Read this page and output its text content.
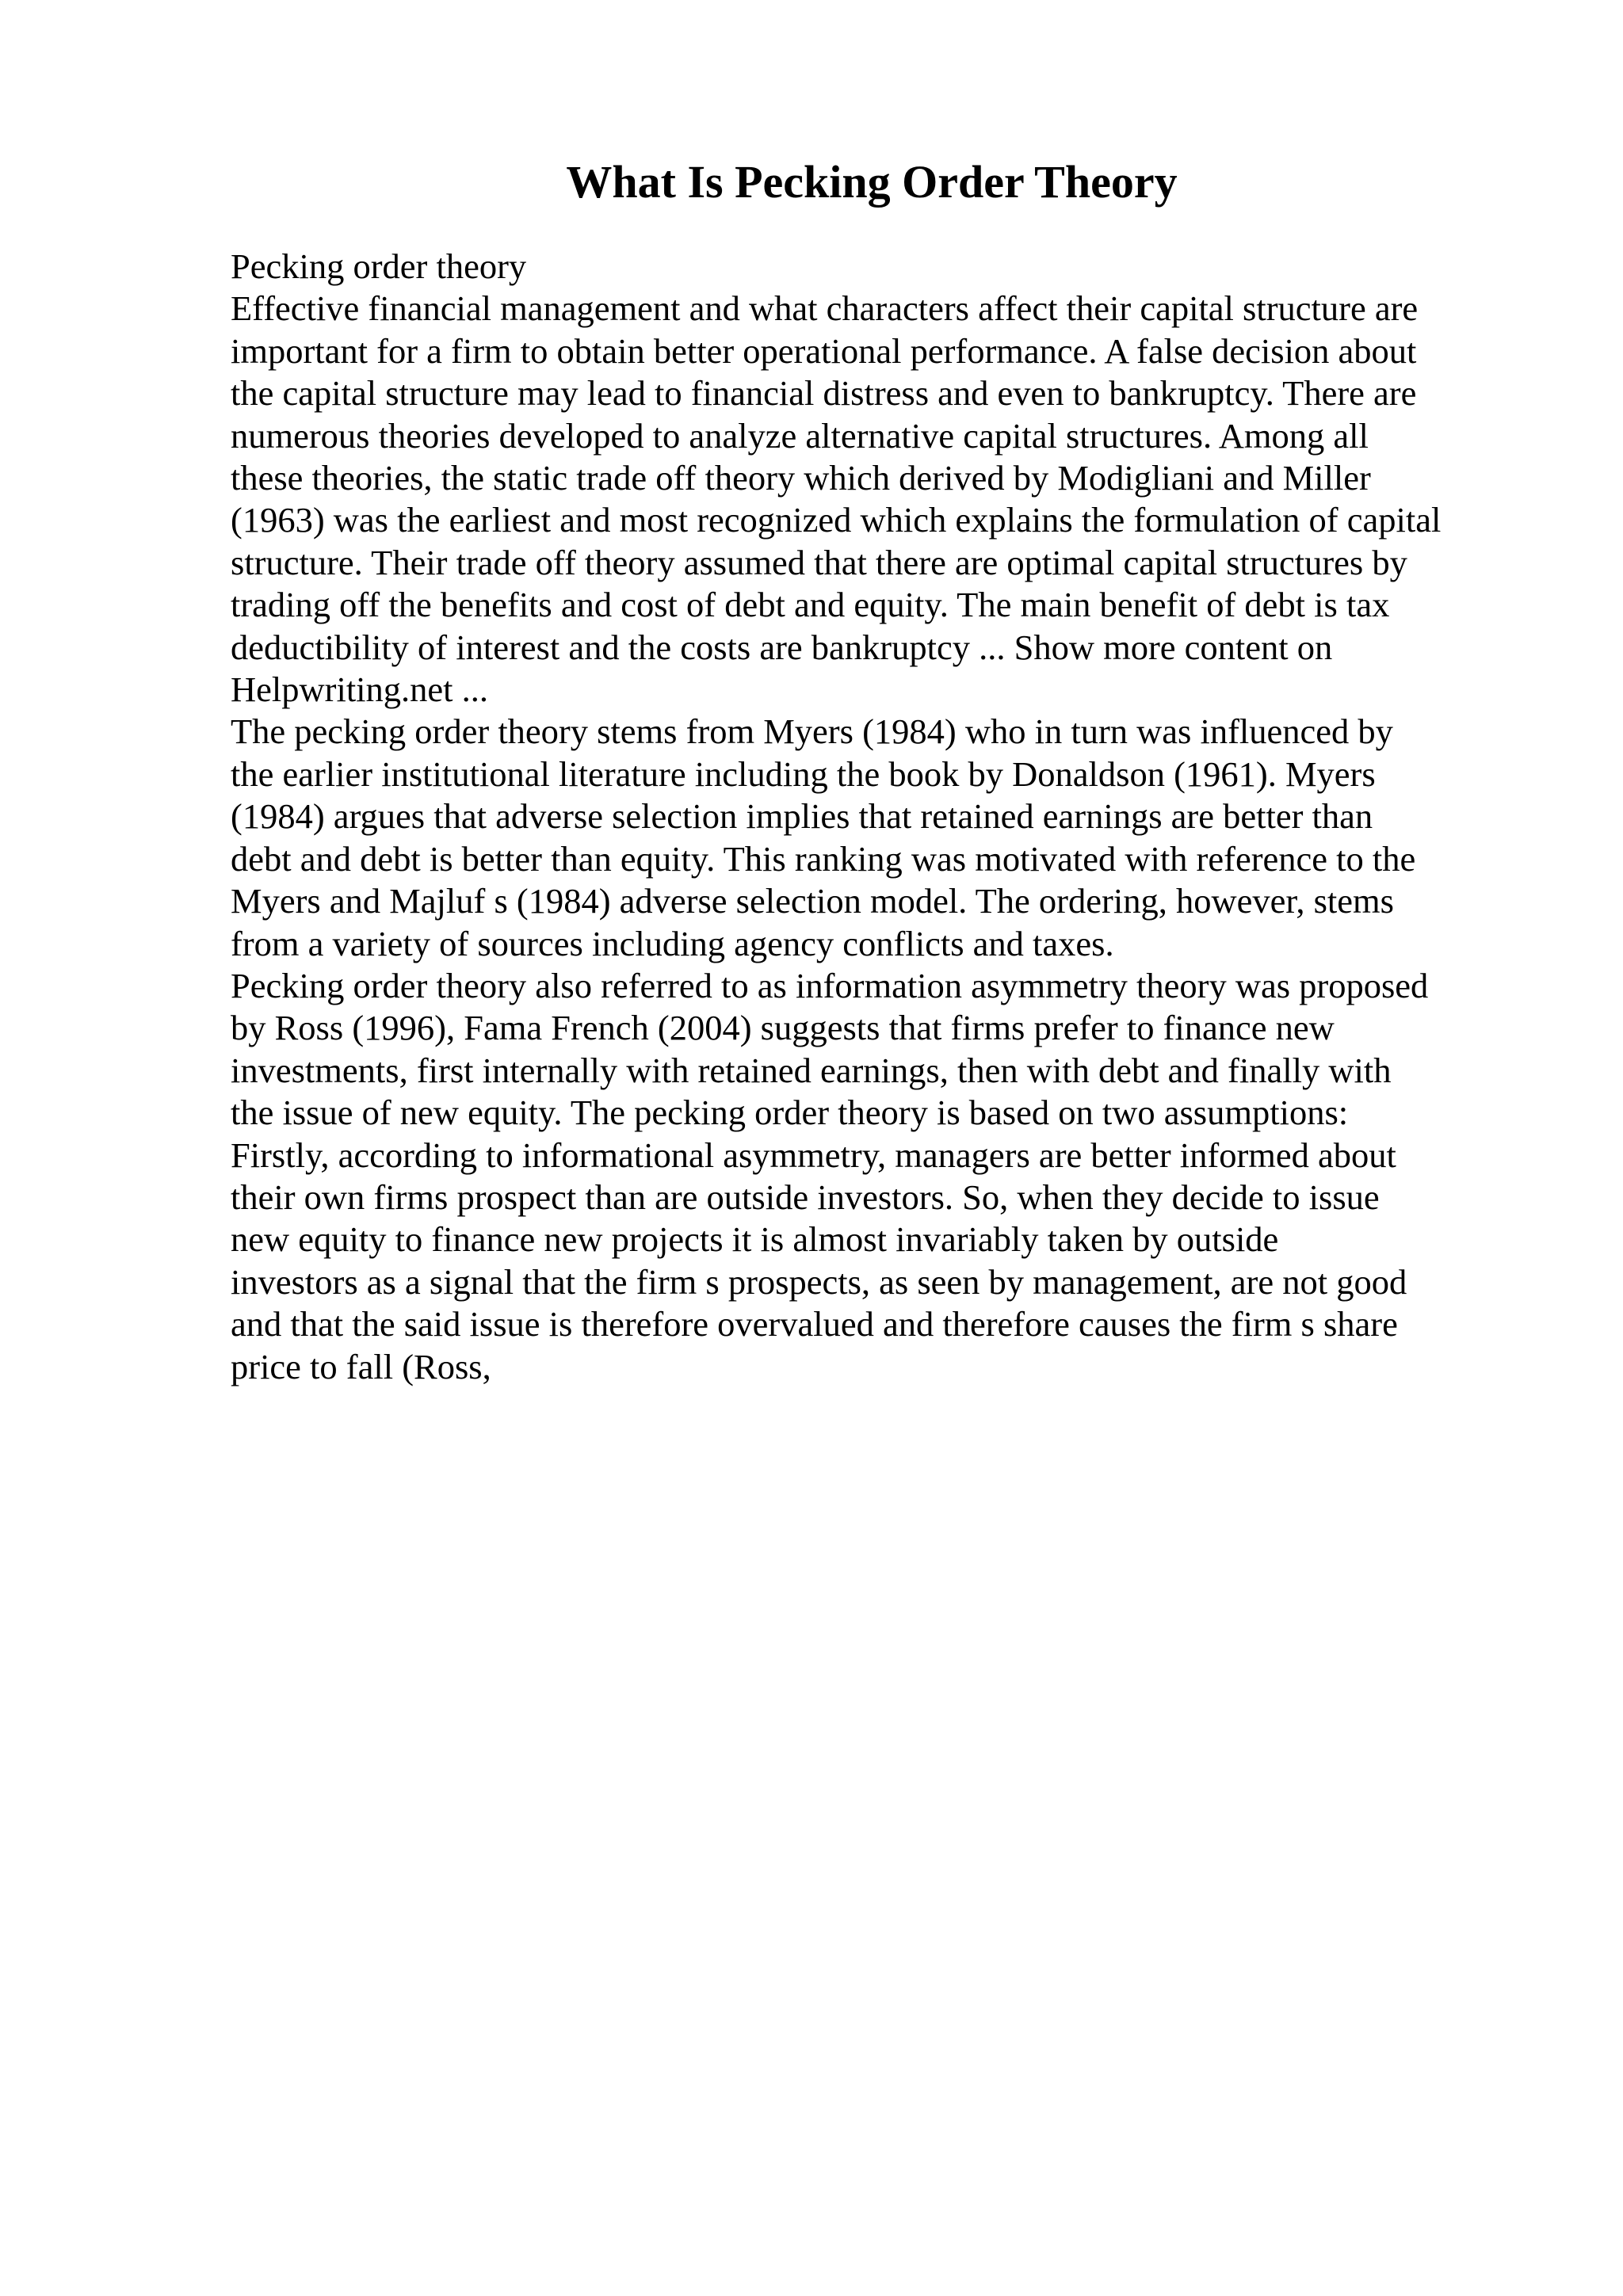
What Is Pecking Order Theory
Pecking order theory
Effective financial management and what characters affect their capital structure are
important for a firm to obtain better operational performance. A false decision about
the capital structure may lead to financial distress and even to bankruptcy. There are
numerous theories developed to analyze alternative capital structures. Among all
these theories, the static trade off theory which derived by Modigliani and Miller
(1963) was the earliest and most recognized which explains the formulation of capital
structure. Their trade off theory assumed that there are optimal capital structures by
trading off the benefits and cost of debt and equity. The main benefit of debt is tax
deductibility of interest and the costs are bankruptcy ... Show more content on
Helpwriting.net ...
The pecking order theory stems from Myers (1984) who in turn was influenced by
the earlier institutional literature including the book by Donaldson (1961). Myers
(1984) argues that adverse selection implies that retained earnings are better than
debt and debt is better than equity. This ranking was motivated with reference to the
Myers and Majluf s (1984) adverse selection model. The ordering, however, stems
from a variety of sources including agency conflicts and taxes.
Pecking order theory also referred to as information asymmetry theory was proposed
by Ross (1996), Fama French (2004) suggests that firms prefer to finance new
investments, first internally with retained earnings, then with debt and finally with
the issue of new equity. The pecking order theory is based on two assumptions:
Firstly, according to informational asymmetry, managers are better informed about
their own firms prospect than are outside investors. So, when they decide to issue
new equity to finance new projects it is almost invariably taken by outside
investors as a signal that the firm s prospects, as seen by management, are not good
and that the said issue is therefore overvalued and therefore causes the firm s share
price to fall (Ross,
